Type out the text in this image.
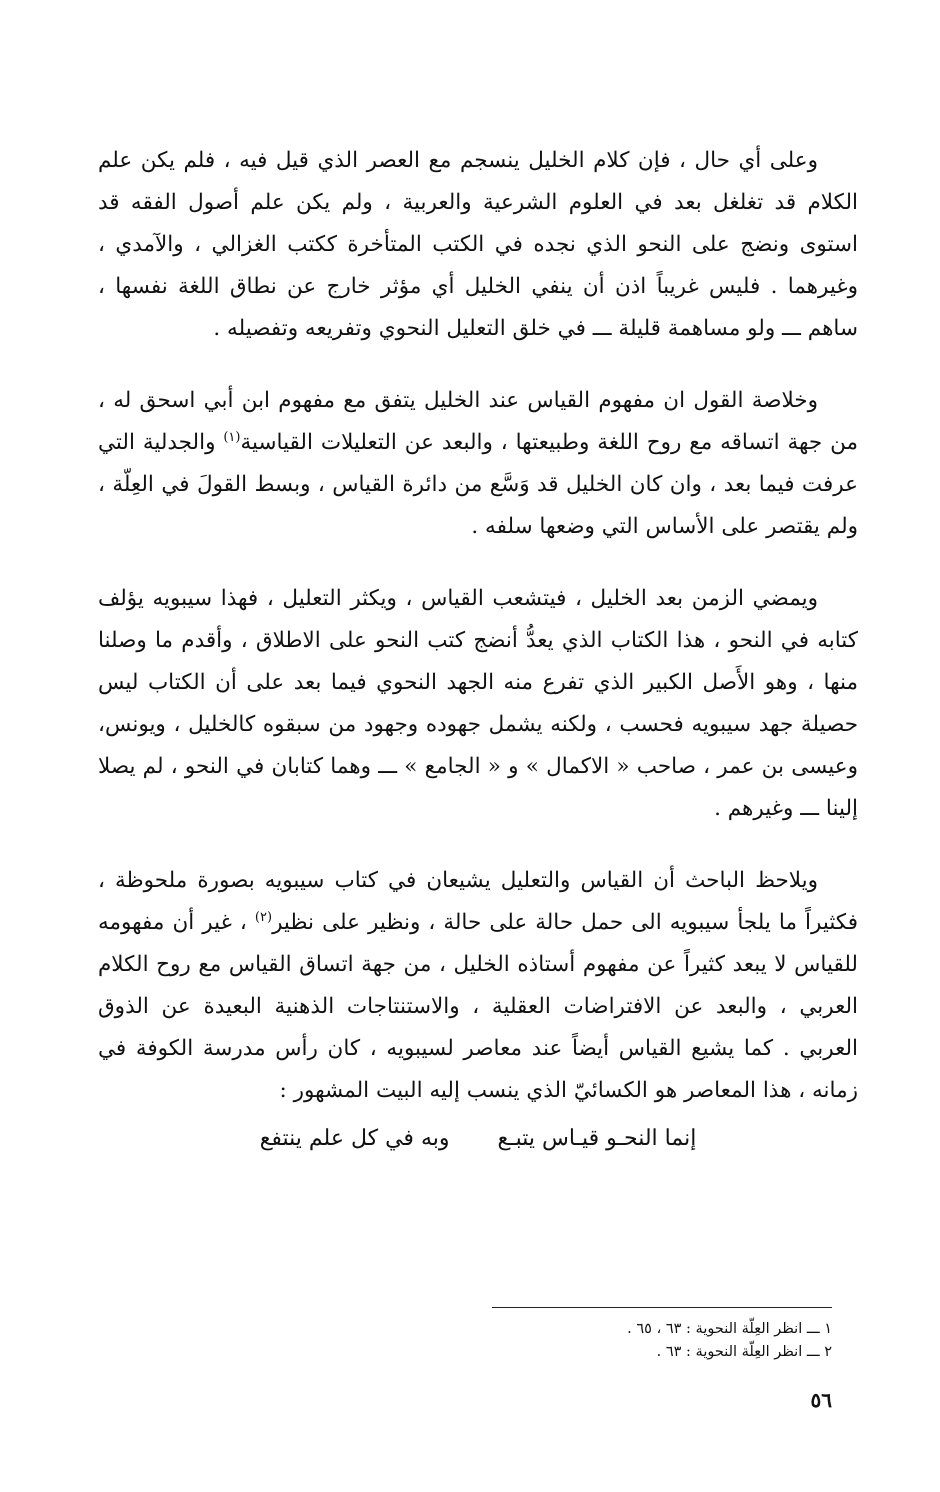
وعلى أي حال ، فإن كلام الخليل ينسجم مع العصر الذي قيل فيه ، فلم يكن علم الكلام قد تغلغل بعد في العلوم الشرعية والعربية ، ولم يكن علم أصول الفقه قد استوى ونضج على النحو الذي نجده في الكتب المتأخرة ككتب الغزالي ، والآمدي ، وغيرهما . فليس غريباً اذن أن ينفي الخليل أي مؤثر خارج عن نطاق اللغة نفسها ، ساهم ـــ ولو مساهمة قليلة ـــ في خلق التعليل النحوي وتفريعه وتفصيله .

وخلاصة القول ان مفهوم القياس عند الخليل يتفق مع مفهوم ابن أبي اسحق له ، من جهة اتساقه مع روح اللغة وطبيعتها ، والبعد عن التعليلات القياسية$^{(١)}$ والجدلية التي عرفت فيما بعد ، وان كان الخليل قد وَسَّع من دائرة القياس ، وبسط القولَ في العِلّة ، ولم يقتصر على الأساس التي وضعها سلفه .

ويمضي الزمن بعد الخليل ، فيتشعب القياس ، ويكثر التعليل ، فهذا سيبويه يؤلف كتابه في النحو ، هذا الكتاب الذي يعدُّ أنضج كتب النحو على الاطلاق ، وأقدم ما وصلنا منها ، وهو الأَصل الكبير الذي تفرع منه الجهد النحوي فيما بعد على أن الكتاب ليس حصيلة جهد سيبويه فحسب ، ولكنه يشمل جهوده وجهود من سبقوه كالخليل ، ويونس، وعيسى بن عمر ، صاحب « الاكمال » و « الجامع » ـــ وهما كتابان في النحو ، لم يصلا إلينا ـــ وغيرهم .

ويلاحظ الباحث أن القياس والتعليل يشيعان في كتاب سيبويه بصورة ملحوظة ، فكثيراً ما يلجأ سيبويه الى حمل حالة على حالة ، ونظير على نظير$^{(٢)}$ ، غير أن مفهومه للقياس لا يبعد كثيراً عن مفهوم أستاذه الخليل ، من جهة اتساق القياس مع روح الكلام العربي ، والبعد عن الافتراضات العقلية ، والاستنتاجات الذهنية البعيدة عن الذوق العربي . كما يشيع القياس أيضاً عند معاصر لسيبويه ، كان رأس مدرسة الكوفة في زمانه ، هذا المعاصر هو الكسائيّ الذي ينسب إليه البيت المشهور :

إنما النحـو قيـاس يتبـع
وبه في كل علم ينتفع
١ ـــ انظر العِلّة النحوية : ٦٣ ، ٦٥ .
٢ ـــ انظر العِلّة النحوية : ٦٣ .
٥٦
